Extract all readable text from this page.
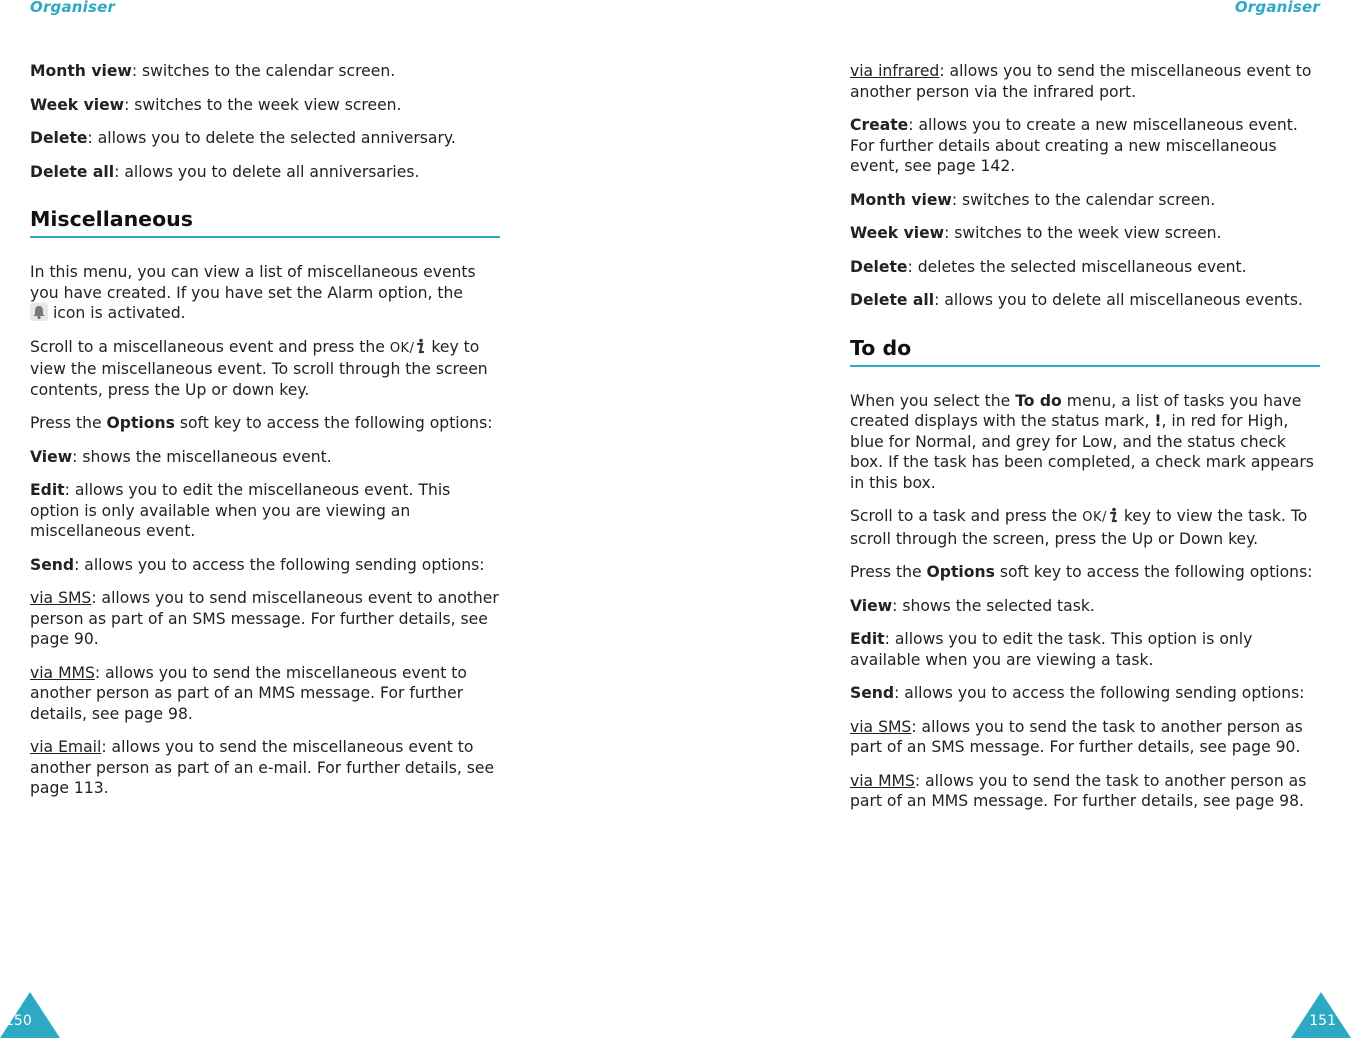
Organiser

Month view: switches to the calendar screen.

Week view: switches to the week view screen.

Delete: allows you to delete the selected anniversary.

Delete all: allows you to delete all anniversaries.

Miscellaneous

In this menu, you can view a list of miscellaneous events you have created. If you have set the Alarm option, the
icon is activated.

Scroll to a miscellaneous event and press the OK/ key to view the miscellaneous event. To scroll through the screen contents, press the Up or down key.

Press the Options soft key to access the following options:

View: shows the miscellaneous event.

Edit: allows you to edit the miscellaneous event. This option is only available when you are viewing an miscellaneous event.

Send: allows you to access the following sending options:

via SMS: allows you to send miscellaneous event to another person as part of an SMS message. For further details, see page 90.

via MMS: allows you to send the miscellaneous event to another person as part of an MMS message. For further details, see page 98.

via Email: allows you to send the miscellaneous event to another person as part of an e-mail. For further details, see page 113.

150
Organiser

via infrared: allows you to send the miscellaneous event to another person via the infrared port.

Create: allows you to create a new miscellaneous event. For further details about creating a new miscellaneous event, see page 142.

Month view: switches to the calendar screen.

Week view: switches to the week view screen.

Delete: deletes the selected miscellaneous event.

Delete all: allows you to delete all miscellaneous events.

To do

When you select the To do menu, a list of tasks you have created displays with the status mark, !, in red for High, blue for Normal, and grey for Low, and the status check box. If the task has been completed, a check mark appears in this box.

Scroll to a task and press the OK/ key to view the task. To scroll through the screen, press the Up or Down key.

Press the Options soft key to access the following options:

View: shows the selected task.

Edit: allows you to edit the task. This option is only available when you are viewing a task.

Send: allows you to access the following sending options:

via SMS: allows you to send the task to another person as part of an SMS message. For further details, see page 90.

via MMS: allows you to send the task to another person as part of an MMS message. For further details, see page 98.

151
